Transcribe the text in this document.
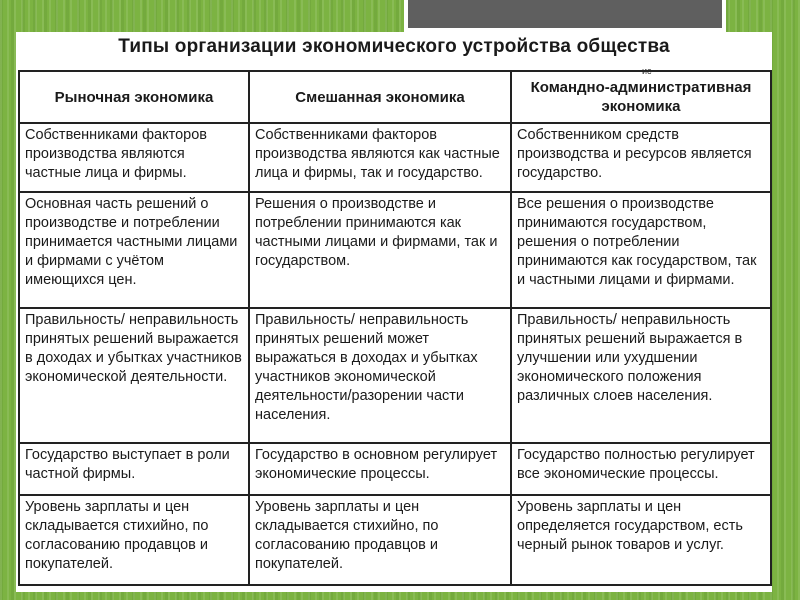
Типы организации экономического устройства общества
ис
Рыночная экономика	Смешанная экономика	Командно-административная экономика
Собственниками факторов производства являются частные лица и фирмы.	Собственниками факторов производства являются как частные лица и фирмы, так и государство.	Собственником средств производства и ресурсов является государство.
Основная часть решений о производстве и потреблении принимается частными лицами и фирмами с учётом имеющихся цен.	Решения о производстве и потреблении принимаются как частными лицами и фирмами, так и государством.	Все решения о производстве принимаются государством, решения о потреблении принимаются как государством, так и частными лицами и фирмами.
Правильность/ неправильность принятых решений выражается в доходах и убытках участников экономической деятельности.	Правильность/ неправильность принятых решений может выражаться в доходах и убытках участников экономической деятельности/разорении части населения.	Правильность/ неправильность принятых решений выражается в улучшении или ухудшении экономического положения различных слоев населения.
Государство выступает в роли частной фирмы.	Государство в основном регулирует экономические процессы.	Государство полностью регулирует все экономические процессы.
Уровень зарплаты и цен складывается стихийно, по согласованию продавцов и покупателей.	Уровень зарплаты и цен складывается стихийно, по согласованию продавцов и покупателей.	Уровень зарплаты и цен определяется государством, есть черный рынок товаров и услуг.
